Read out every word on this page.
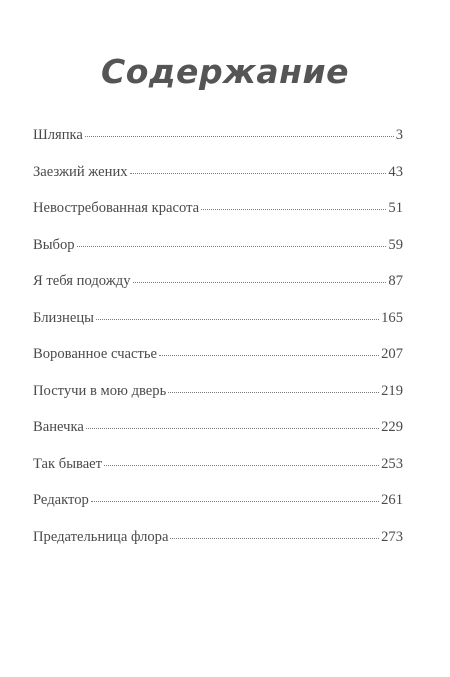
Содержание
Шляпка	3
Заезжий жених	43
Невостребованная красота	51
Выбор	59
Я тебя подожду	87
Близнецы	165
Ворованное счастье	207
Постучи в мою дверь	219
Ванечка	229
Так бывает	253
Редактор	261
Предательница флора	273
